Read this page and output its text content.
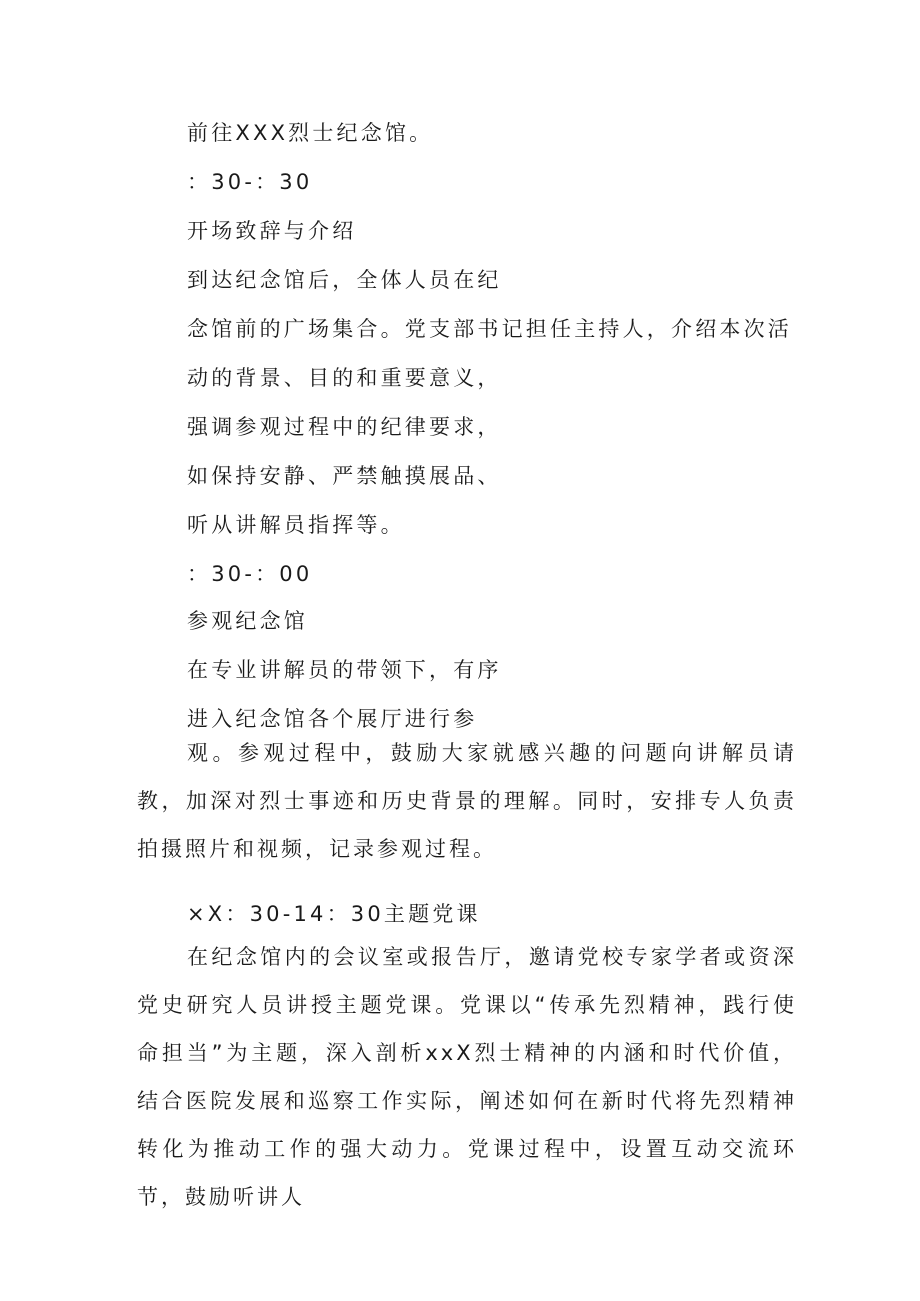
前往XXX烈士纪念馆。
：30-：30
开场致辞与介绍
到达纪念馆后，全体人员在纪
念馆前的广场集合。党支部书记担任主持人，介绍本次活
动的背景、目的和重要意义，
强调参观过程中的纪律要求，
如保持安静、严禁触摸展品、
听从讲解员指挥等。
：30-：00
参观纪念馆
在专业讲解员的带领下，有序
进入纪念馆各个展厅进行参
观。参观过程中，鼓励大家就感兴趣的问题向讲解员请教，加深对烈士事迹和历史背景的理解。同时，安排专人负责拍摄照片和视频，记录参观过程。
×X：30-14：30主题党课
在纪念馆内的会议室或报告厅，邀请党校专家学者或资深党史研究人员讲授主题党课。党课以“传承先烈精神，践行使命担当”为主题，深入剖析xxX烈士精神的内涵和时代价值，结合医院发展和巡察工作实际，阐述如何在新时代将先烈精神转化为推动工作的强大动力。党课过程中，设置互动交流环节，鼓励听讲人
